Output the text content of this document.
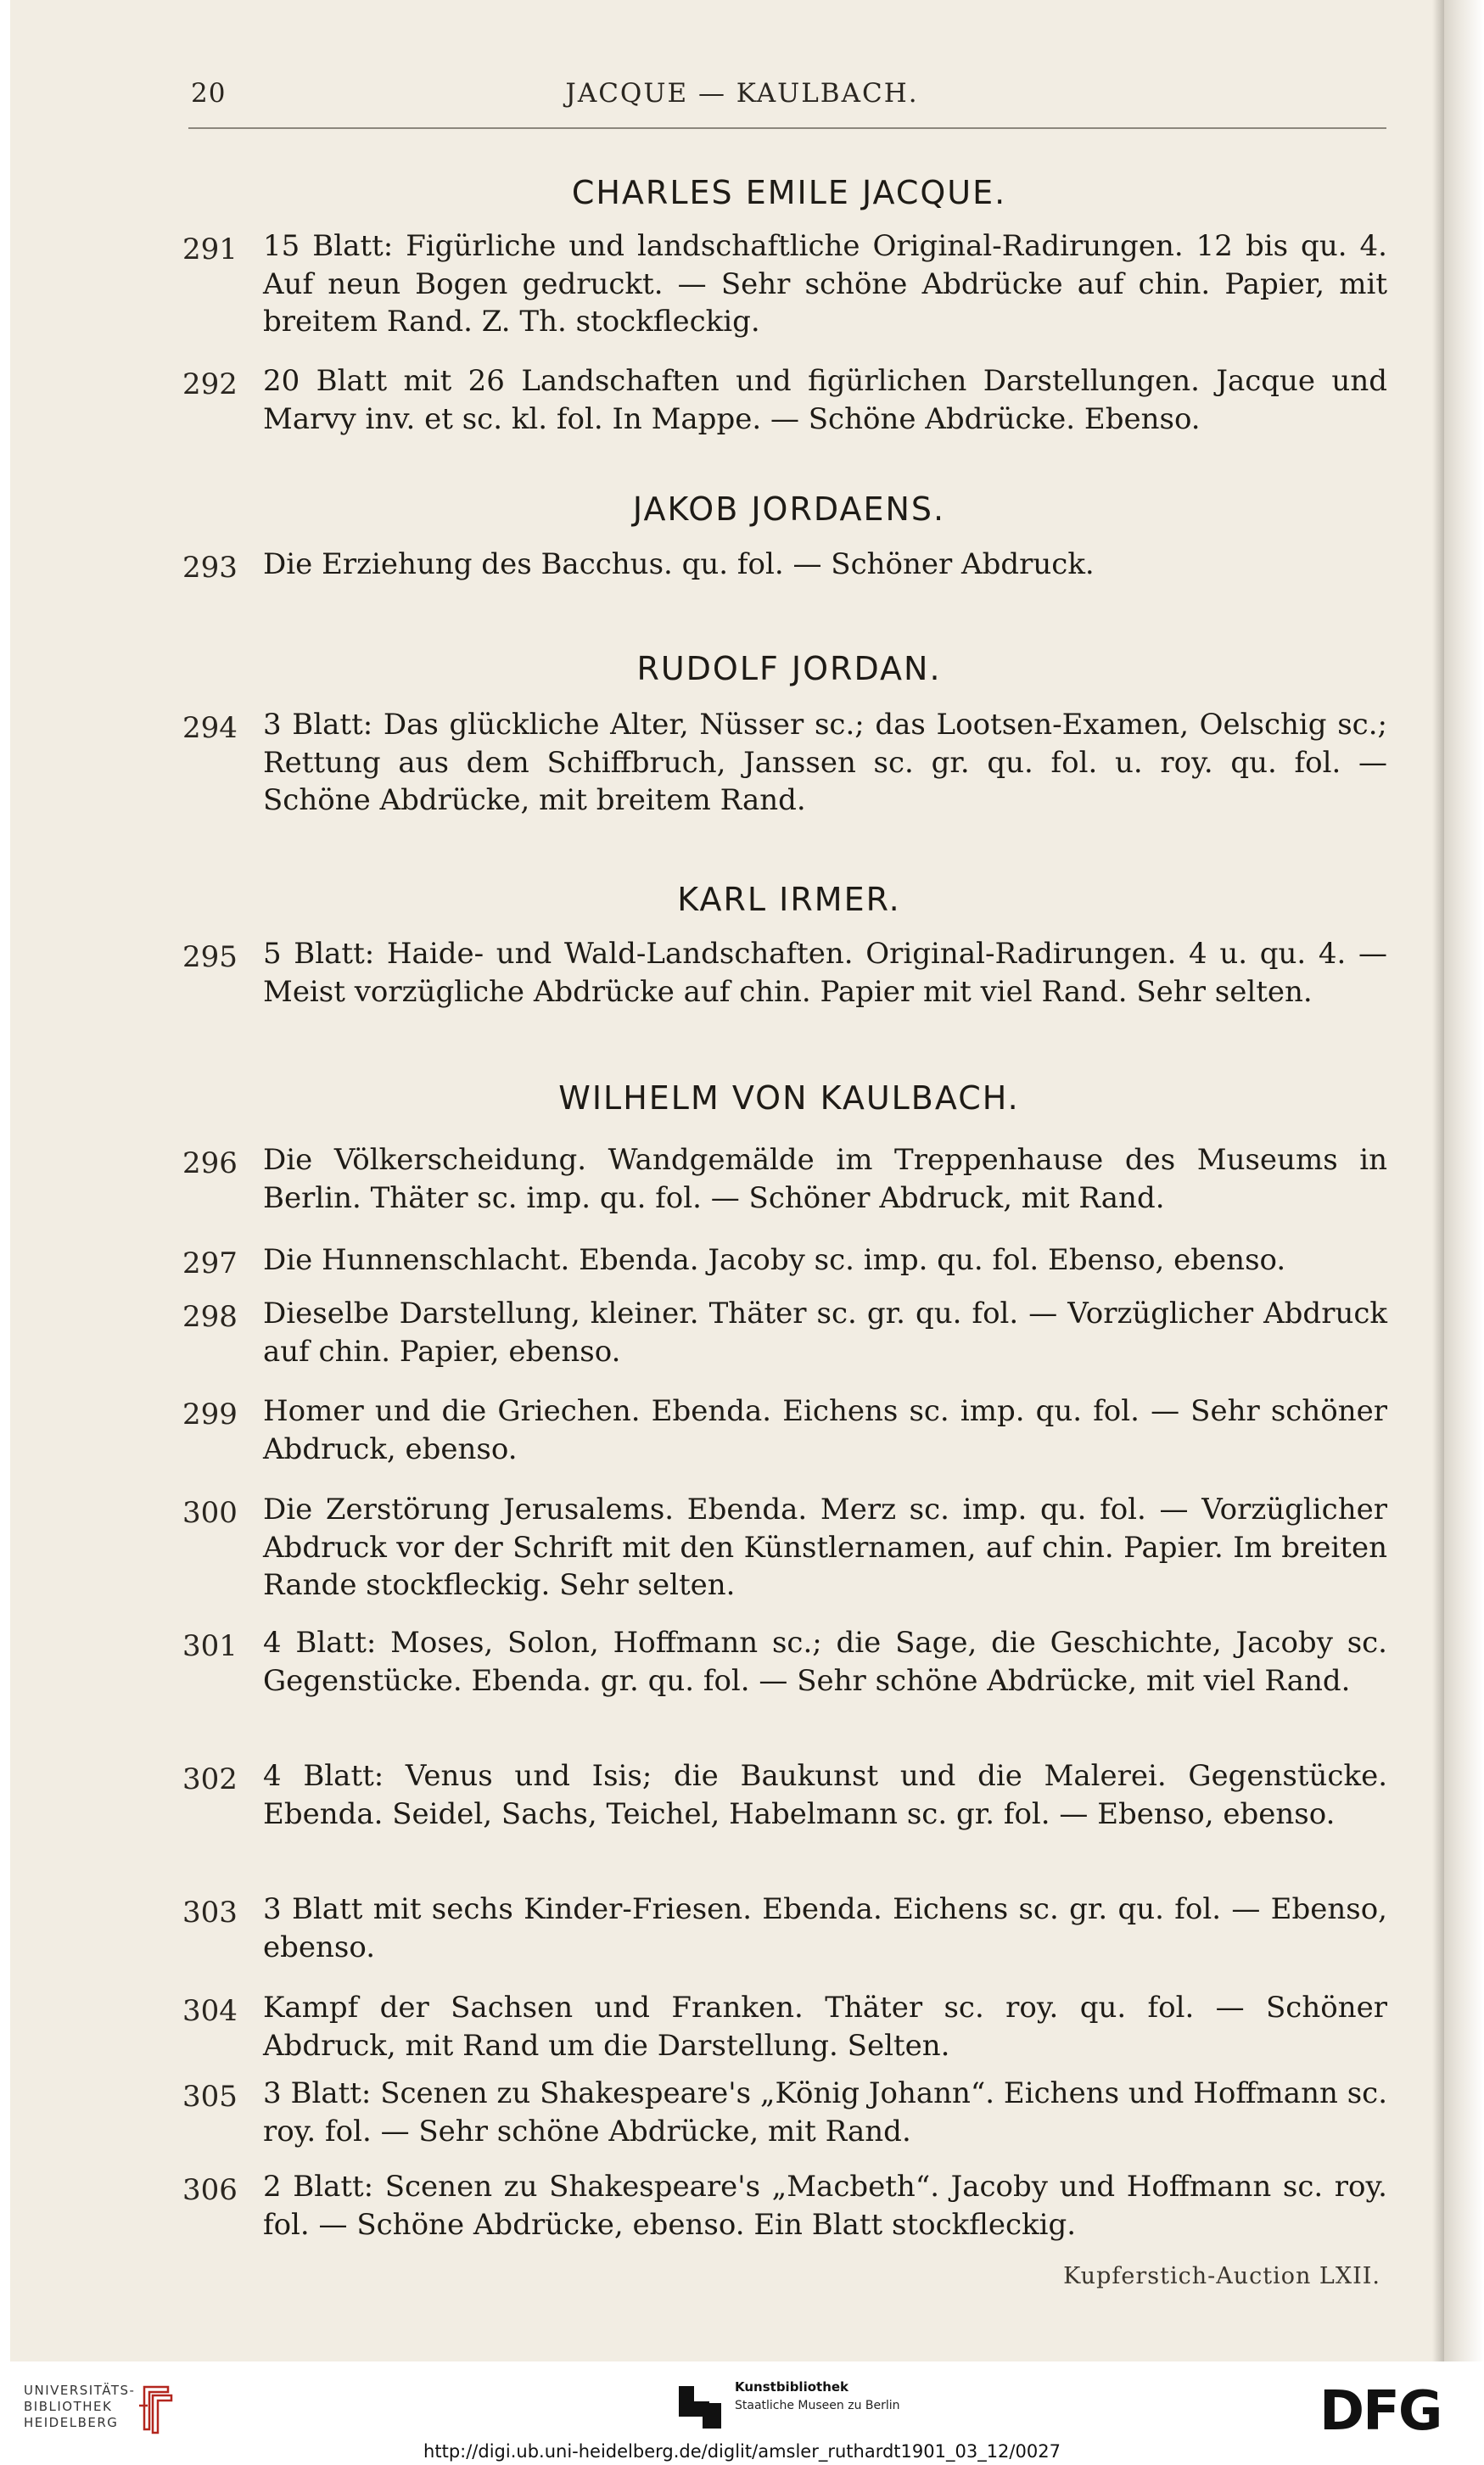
20	JACQUE — KAULBACH.
CHARLES EMILE JACQUE.
291 15 Blatt: Figürliche und landschaftliche Original-Radirungen. 12 bis qu. 4. Auf neun Bogen gedruckt. — Sehr schöne Abdrücke auf chin. Papier, mit breitem Rand. Z. Th. stockfleckig.
292 20 Blatt mit 26 Landschaften und figürlichen Darstellungen. Jacque und Marvy inv. et sc. kl. fol. In Mappe. — Schöne Abdrücke. Ebenso.
JAKOB JORDAENS.
293 Die Erziehung des Bacchus. qu. fol. — Schöner Abdruck.
RUDOLF JORDAN.
294 3 Blatt: Das glückliche Alter, Nüsser sc.; das Lootsen-Examen, Oelschig sc.; Rettung aus dem Schiffbruch, Janssen sc. gr. qu. fol. u. roy. qu. fol. — Schöne Abdrücke, mit breitem Rand.
KARL IRMER.
295 5 Blatt: Haide- und Wald-Landschaften. Original-Radirungen. 4 u. qu. 4. — Meist vorzügliche Abdrücke auf chin. Papier mit viel Rand. Sehr selten.
WILHELM VON KAULBACH.
296 Die Völkerscheidung. Wandgemälde im Treppenhause des Museums in Berlin. Thäter sc. imp. qu. fol. — Schöner Abdruck, mit Rand.
297 Die Hunnenschlacht. Ebenda. Jacoby sc. imp. qu. fol. Ebenso, ebenso.
298 Dieselbe Darstellung, kleiner. Thäter sc. gr. qu. fol. — Vorzüglicher Abdruck auf chin. Papier, ebenso.
299 Homer und die Griechen. Ebenda. Eichens sc. imp. qu. fol. — Sehr schöner Abdruck, ebenso.
300 Die Zerstörung Jerusalems. Ebenda. Merz sc. imp. qu. fol. — Vorzüglicher Abdruck vor der Schrift mit den Künstlernamen, auf chin. Papier. Im breiten Rande stockfleckig. Sehr selten.
301 4 Blatt: Moses, Solon, Hoffmann sc.; die Sage, die Geschichte, Jacoby sc. Gegenstücke. Ebenda. gr. qu. fol. — Sehr schöne Abdrücke, mit viel Rand.
302 4 Blatt: Venus und Isis; die Baukunst und die Malerei. Gegenstücke. Ebenda. Seidel, Sachs, Teichel, Habelmann sc. gr. fol. — Ebenso, ebenso.
303 3 Blatt mit sechs Kinder-Friesen. Ebenda. Eichens sc. gr. qu. fol. — Ebenso, ebenso.
304 Kampf der Sachsen und Franken. Thäter sc. roy. qu. fol. — Schöner Abdruck, mit Rand um die Darstellung. Selten.
305 3 Blatt: Scenen zu Shakespeare's „König Johann“. Eichens und Hoffmann sc. roy. fol. — Sehr schöne Abdrücke, mit Rand.
306 2 Blatt: Scenen zu Shakespeare's „Macbeth“. Jacoby und Hoffmann sc. roy. fol. — Schöne Abdrücke, ebenso. Ein Blatt stockfleckig.
Kupferstich-Auction LXII.
UNIVERSITÄTS-
BIBLIOTHEK
HEIDELBERG
Kunstbibliothek
Staatliche Museen zu Berlin	DFG
http://digi.ub.uni-heidelberg.de/diglit/amsler_ruthardt1901_03_12/0027
